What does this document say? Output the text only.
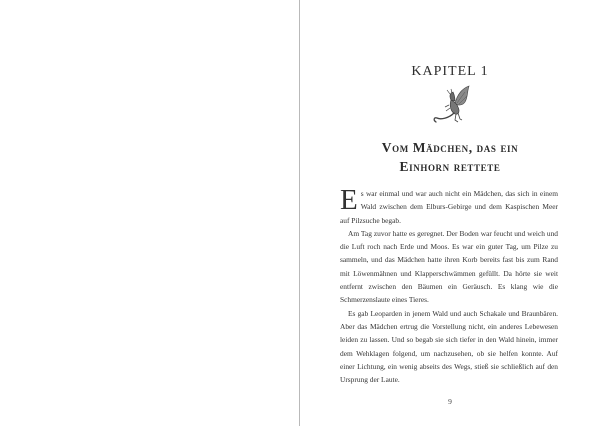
KAPITEL 1
Vom Mädchen, das ein
Einhorn rettete

Es war einmal und war auch nicht ein Mädchen, das sich in einem Wald zwischen dem Elburs-Gebirge und dem Kaspischen Meer auf Pilzsuche begab.

Am Tag zuvor hatte es geregnet. Der Boden war feucht und weich und die Luft roch nach Erde und Moos. Es war ein guter Tag, um Pilze zu sammeln, und das Mädchen hatte ihren Korb bereits fast bis zum Rand mit Löwenmähnen und Klapperschwämmen gefüllt. Da hörte sie weit entfernt zwischen den Bäumen ein Geräusch. Es klang wie die Schmerzenslaute eines Tieres.

Es gab Leoparden in jenem Wald und auch Schakale und Braunbären. Aber das Mädchen ertrug die Vorstellung nicht, ein anderes Lebewesen leiden zu lassen. Und so begab sie sich tiefer in den Wald hinein, immer dem Wehklagen folgend, um nachzusehen, ob sie helfen konnte. Auf einer Lichtung, ein wenig abseits des Wegs, stieß sie schließlich auf den Ursprung der Laute.

9
